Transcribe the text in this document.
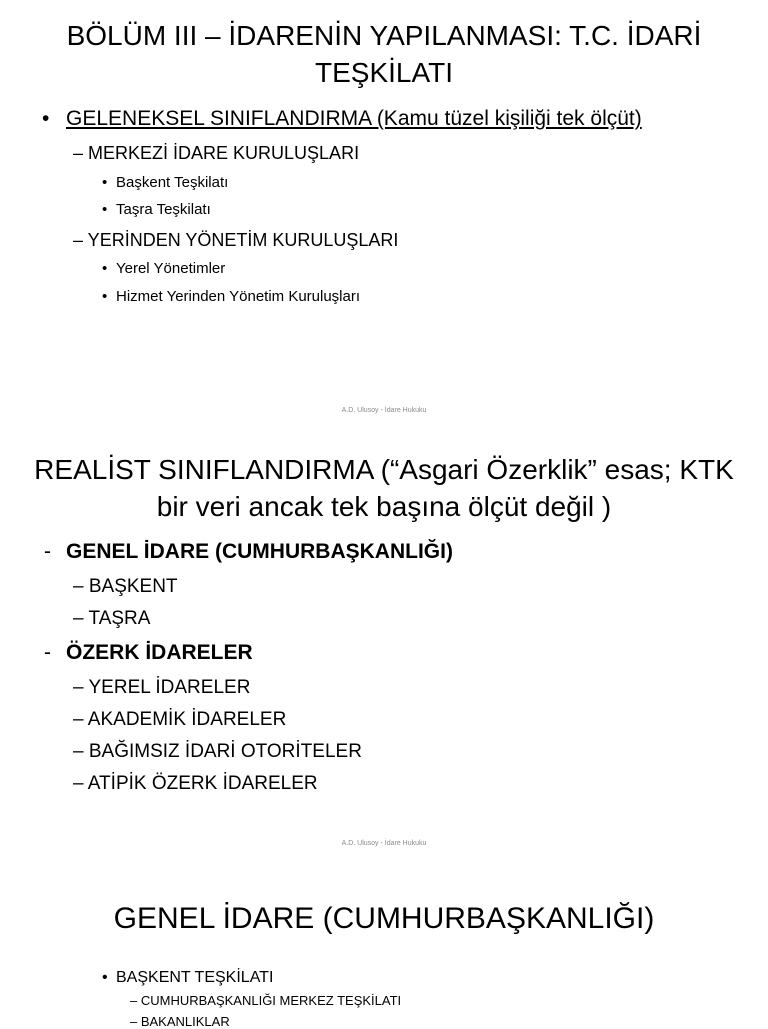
BÖLÜM III – İDARENİN YAPILANMASI: T.C. İDARİ
TEŞKİLATI
• GELENEKSEL SINIFLANDIRMA (Kamu tüzel kişiliği tek ölçüt)
– MERKEZİ İDARE KURULUŞLARI
• Başkent Teşkilatı
• Taşra Teşkilatı
– YERİNDEN YÖNETİM KURULUŞLARI
• Yerel Yönetimler
• Hizmet Yerinden Yönetim Kuruluşları
A.D. Ulusoy - İdare Hukuku
REALİST SINIFLANDIRMA (“Asgari Özerklik” esas; KTK
bir veri ancak tek başına ölçüt değil )
- GENEL İDARE (CUMHURBAŞKANLIĞI)
– BAŞKENT
– TAŞRA
- ÖZERK İDARELER
– YEREL İDARELER
– AKADEMİK İDARELER
– BAĞIMSIZ İDARİ OTORİTELER
– ATİPİK ÖZERK İDARELER
A.D. Ulusoy - İdare Hukuku
GENEL İDARE (CUMHURBAŞKANLIĞI)
• BAŞKENT TEŞKİLATI
– CUMHURBAŞKANLIĞI MERKEZ TEŞKİLATI
– BAKANLIKLAR
